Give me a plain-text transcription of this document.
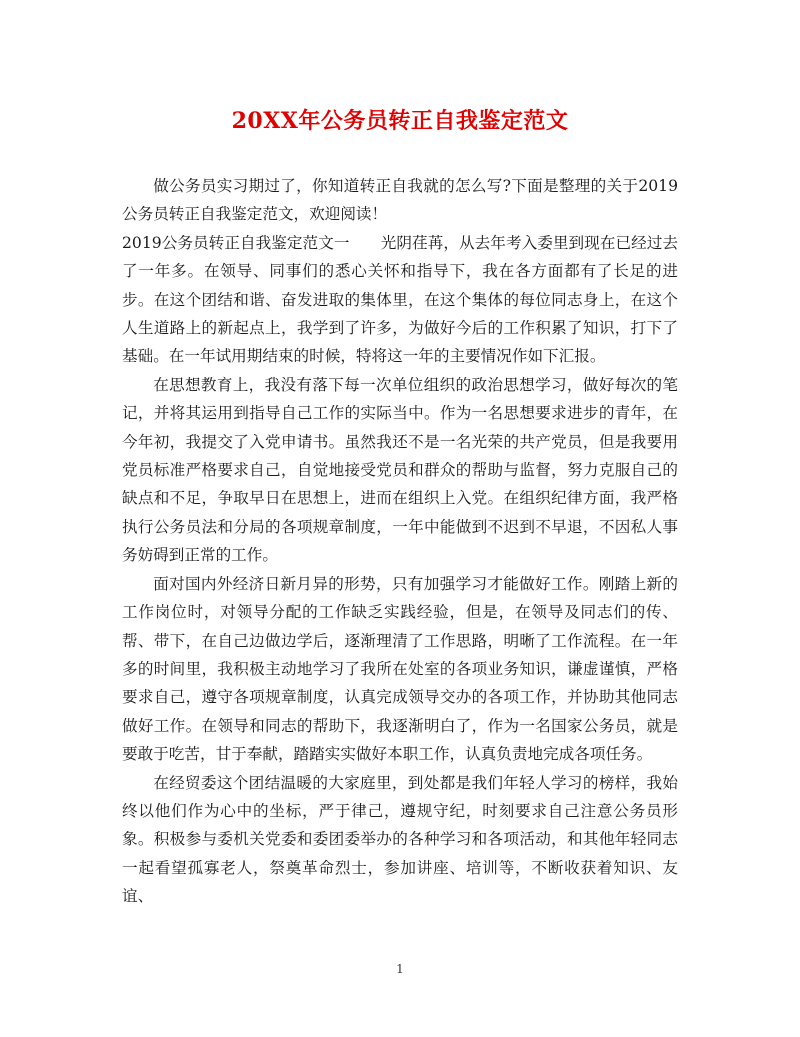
20XX年公务员转正自我鉴定范文

做公务员实习期过了，你知道转正自我就的怎么写?下面是整理的关于2019公务员转正自我鉴定范文，欢迎阅读！

2019公务员转正自我鉴定范文一　　光阴荏苒，从去年考入委里到现在已经过去了一年多。在领导、同事们的悉心关怀和指导下，我在各方面都有了长足的进步。在这个团结和谐、奋发进取的集体里，在这个集体的每位同志身上，在这个人生道路上的新起点上，我学到了许多，为做好今后的工作积累了知识，打下了基础。在一年试用期结束的时候，特将这一年的主要情况作如下汇报。

在思想教育上，我没有落下每一次单位组织的政治思想学习，做好每次的笔记，并将其运用到指导自己工作的实际当中。作为一名思想要求进步的青年，在今年初，我提交了入党申请书。虽然我还不是一名光荣的共产党员，但是我要用党员标准严格要求自己，自觉地接受党员和群众的帮助与监督，努力克服自己的缺点和不足，争取早日在思想上，进而在组织上入党。在组织纪律方面，我严格执行公务员法和分局的各项规章制度，一年中能做到不迟到不早退，不因私人事务妨碍到正常的工作。

面对国内外经济日新月异的形势，只有加强学习才能做好工作。刚踏上新的工作岗位时，对领导分配的工作缺乏实践经验，但是，在领导及同志们的传、帮、带下，在自己边做边学后，逐渐理清了工作思路，明晰了工作流程。在一年多的时间里，我积极主动地学习了我所在处室的各项业务知识，谦虚谨慎，严格要求自己，遵守各项规章制度，认真完成领导交办的各项工作，并协助其他同志做好工作。在领导和同志的帮助下，我逐渐明白了，作为一名国家公务员，就是要敢于吃苦，甘于奉献，踏踏实实做好本职工作，认真负责地完成各项任务。

在经贸委这个团结温暖的大家庭里，到处都是我们年轻人学习的榜样，我始终以他们作为心中的坐标，严于律己，遵规守纪，时刻要求自己注意公务员形象。积极参与委机关党委和委团委举办的各种学习和各项活动，和其他年轻同志一起看望孤寡老人，祭奠革命烈士，参加讲座、培训等，不断收获着知识、友谊、

1
